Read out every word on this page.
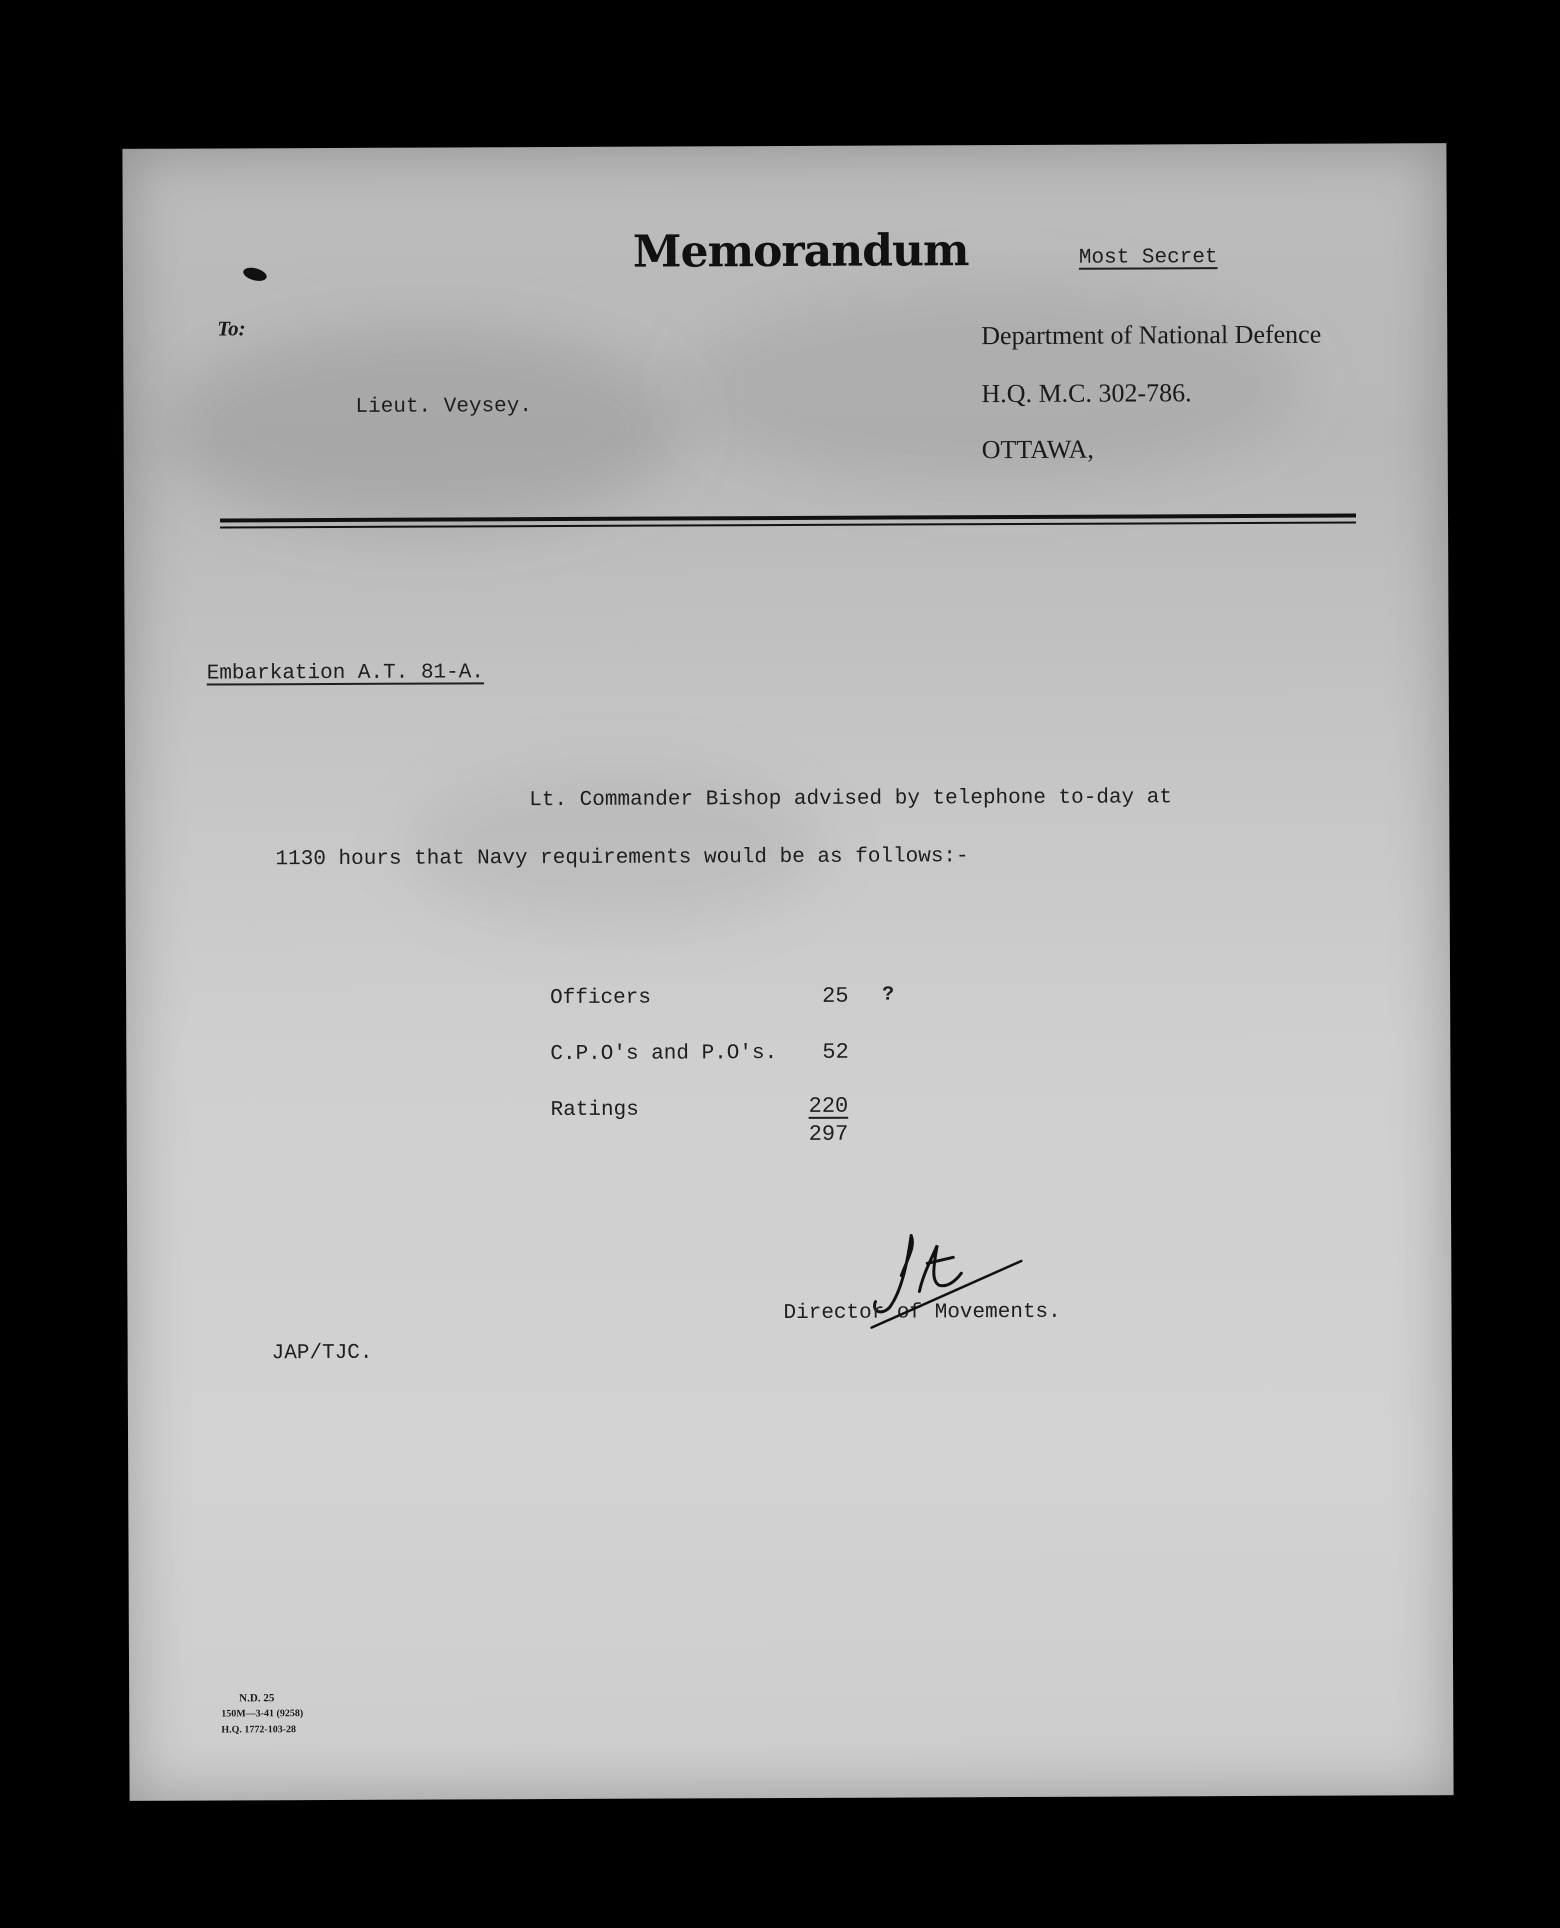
Memorandum	Most Secret
To:	Department of National Defence
H.Q. M.C. 302-786.
OTTAWA,
Lieut. Veysey.
Embarkation A.T. 81-A.
Lt. Commander Bishop advised by telephone to-day at
1130 hours that Navy requirements would be as follows:-
Officers	25 ?
C.P.O's and P.O's. 52
Ratings	220
297
Director of Movements.
JAP/TJC.
N.D. 25
150M—3-41 (9258)
H.Q. 1772-103-28
